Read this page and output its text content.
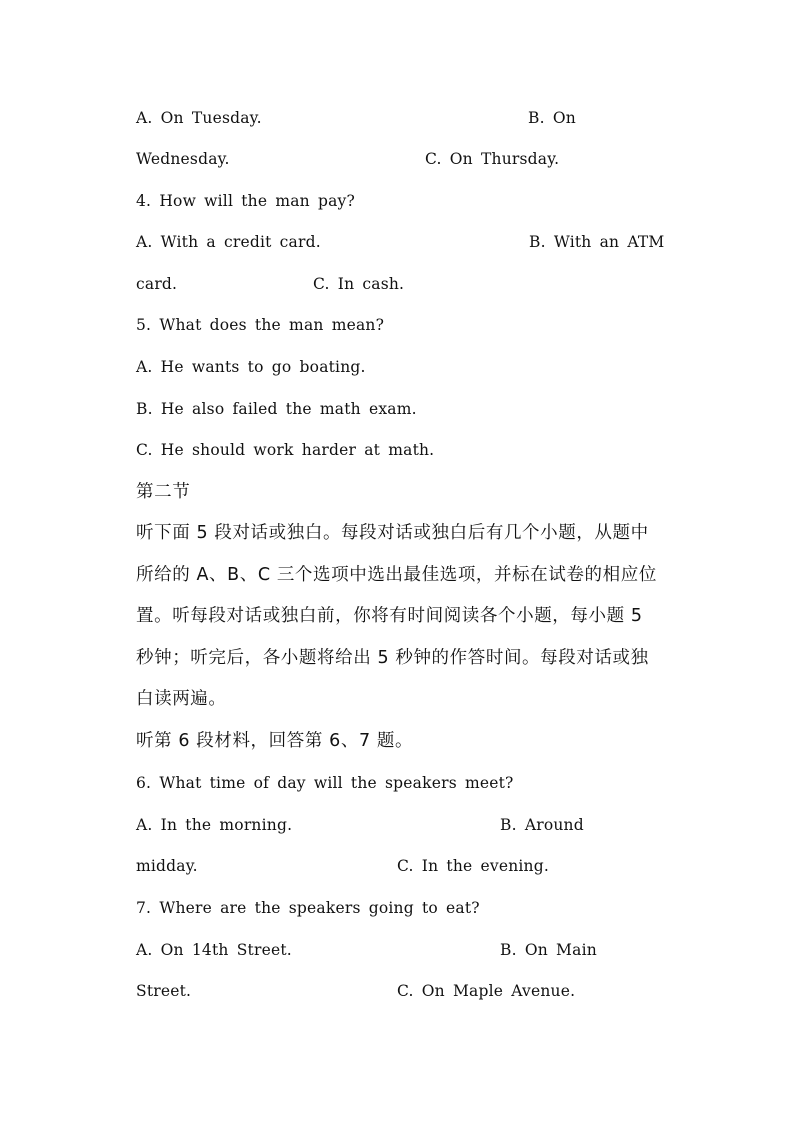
A. On Tuesday.	B. On
Wednesday.	C. On Thursday.
4. How will the man pay?
A. With a credit card.	B. With an ATM
card.	C. In cash.
5. What does the man mean?
A. He wants to go boating.
B. He also failed the math exam.
C. He should work harder at math.
第二节
听下面 5 段对话或独白。每段对话或独白后有几个小题，从题中
所给的 A、B、C 三个选项中选出最佳选项，并标在试卷的相应位
置。听每段对话或独白前，你将有时间阅读各个小题，每小题 5
秒钟；听完后，各小题将给出 5 秒钟的作答时间。每段对话或独
白读两遍。
听第 6 段材料，回答第 6、7 题。
6. What time of day will the speakers meet?
A. In the morning.	B. Around
midday.	C. In the evening.
7. Where are the speakers going to eat?
A. On 14th Street.	B. On Main
Street.	C. On Maple Avenue.
